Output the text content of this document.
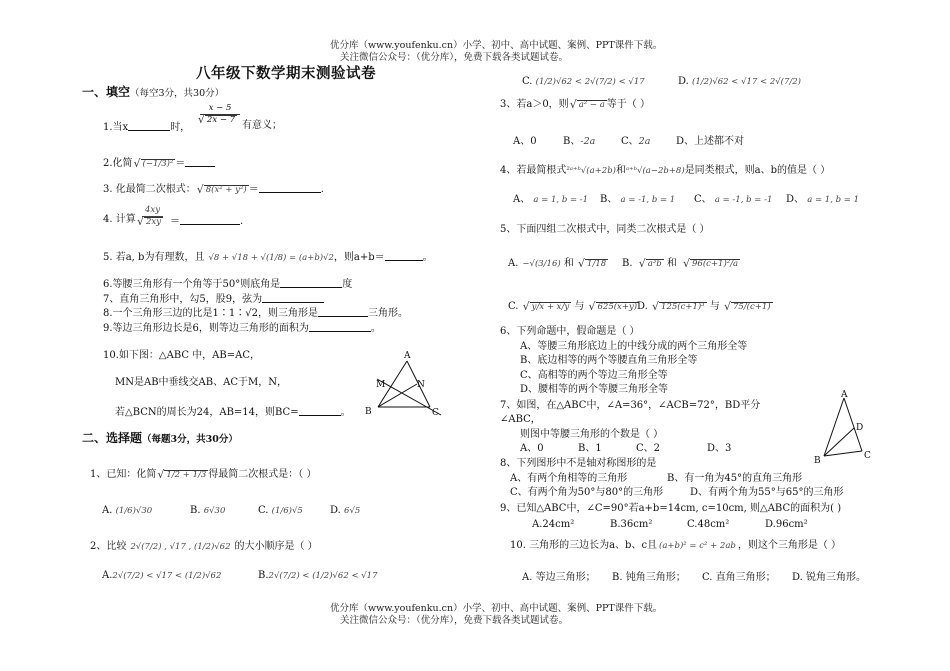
优分库（www.youfenku.cn）小学、初中、高中试题、案例、PPT课件下载。
关注微信公众号：（优分库），免费下载各类试题试卷。
八年级下数学期末测验试卷
一、填空（每空3分，共30分）
1.当x	时，
x − 5
√ 2x − 7
有意义；
2.化简 √ (−1/3)² ＝
3. 化最简二次根式： √ 8(x² + y²) ＝	.
4. 计算
4xy
√ 2xy ＝	.
5. 若a, b为有理数，且 √8 + √18 + √(1/8) = (a+b)√2，则a+b＝	。
6.等腰三角形有一个角等于50°则底角是	度
7、直角三角形中，勾5，股9，弦为
8.一个三角形三边的比是1∶1∶√2，则三角形是	三角形。
9.等边三角形边长是6，则等边三角形的面积为	。
10.如下图：△ABC 中，AB=AC，
MN是AB中垂线交AB、AC于M，N，
若△BCN的周长为24，AB=14，则BC=	。
A
M	N
B	C
二、选择题（每题3分，共30分）
1、已知：化简 √ 1/2 + 1/3 得最简二次根式是：（ ）
A. (1/6)√30	B. 6√30	C. (1/6)√5	D. 6√5
2、比较 2√(7/2) , √17 , (1/2)√62 的大小顺序是（ ）
A.2√(7/2) < √17 < (1/2)√62	B.2√(7/2) < (1/2)√62 < √17
C. (1/2)√62 < 2√(7/2) < √17	D. (1/2)√62 < √17 < 2√(7/2)
3、若a＞0，则 √ a² − a 等于（ ）
A、0	B、-2a	C、2a	D、上述都不对
4、若最简根式²ᵃ⁺ᵇ√(a+2b)和ᵃ⁺ᵇ√(a−2b+8)是同类根式，则a、b的值是（ ）
A、 a = 1, b = -1 B、 a = -1, b = 1 C、 a = -1, b = -1 D、 a = 1, b = 1
5、下面四组二次根式中，同类二次根式是（ ）
A. −√(3/16) 和 √ 1/18 B. √ a³b 和 √ 96(c+1)²/a
C. √ y/x + x/y 与 √ 625(x+y) D. √ 125(c+1)³ 与 √ 75/(c+1)
6、下列命题中，假命题是（ ）
A、等腰三角形底边上的中线分成的两个三角形全等
B、底边相等的两个等腰直角三角形全等
C、高相等的两个等边三角形全等
D、腰相等的两个等腰三角形全等
7、如图，在△ABC中，∠A=36°，∠ACB=72°，BD平分
∠ABC，
则图中等腰三角形的个数是（ ）
A、0	B、1	C、2	D、3
A
B	C
D
8、下列图形中不是轴对称图形的是
A、有两个角相等的三角形	B、有一角为45°的直角三角形
C、有两个角为50°与80°的三角形	D、有两个角为55°与65°的三角形
9、已知△ABC中，∠C=90°若a+b=14cm, c=10cm, 则△ABC的面积为( )
A.24cm²	B.36cm²	C.48cm²	D.96cm²
10. 三角形的三边长为a、b、c且 (a+b)² = c² + 2ab ，则这个三角形是（ ）
A. 等边三角形； B. 钝角三角形； C. 直角三角形； D. 锐角三角形。
优分库（www.youfenku.cn）小学、初中、高中试题、案例、PPT课件下载。
关注微信公众号：（优分库），免费下载各类试题试卷。
